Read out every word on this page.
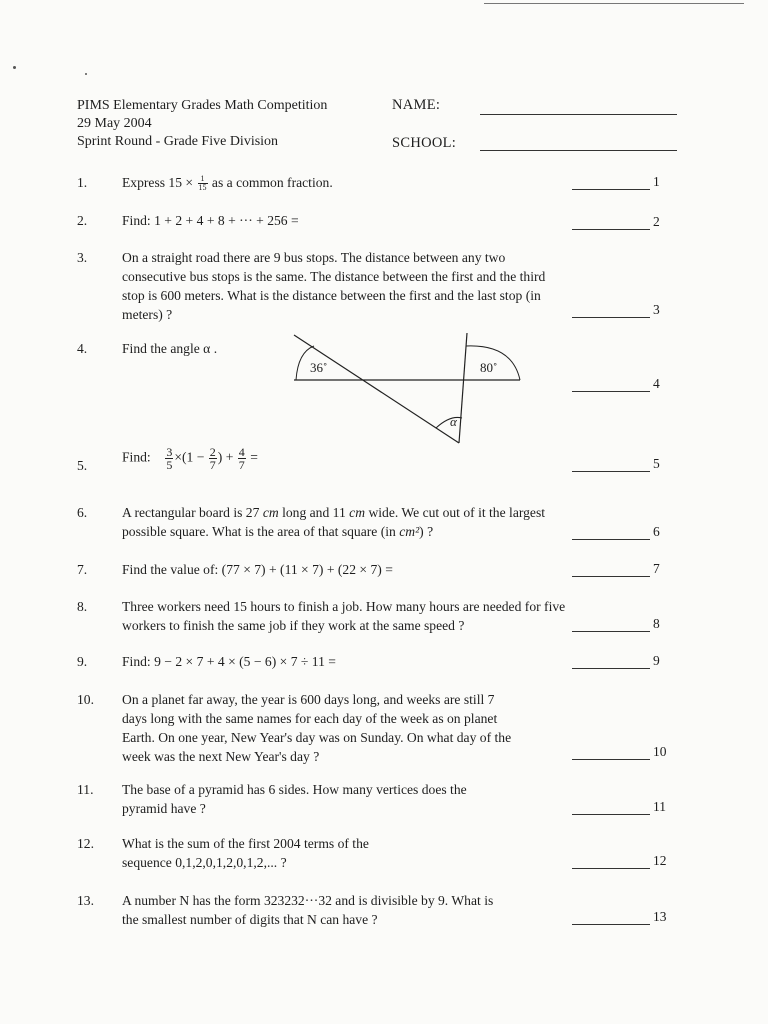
PIMS Elementary Grades Math Competition
29 May 2004
Sprint Round - Grade Five Division
NAME:
SCHOOL:
1.	Express $15 \times \frac{1}{15}$ as a common fraction.	1
2.	Find: 1 + 2 + 4 + 8 + ··· + 256 =	2
3.	On a straight road there are 9 bus stops. The distance between any two consecutive bus stops is the same. The distance between the first and the third stop is 600 meters. What is the distance between the first and the last stop (in meters) ?	3
4.	Find the angle α .
36˚	80˚
α
4
5.
Find: $\frac{3}{5} \times(1 - \frac{2}{7}$ ) + $\frac{4}{7}$ =	5
6.	A rectangular board is 27 cm long and 11 cm wide. We cut out of it the largest possible square. What is the area of that square (in cm²) ?	6
7.	Find the value of: (77 × 7) + (11 × 7) + (22 × 7) =	7
8.	Three workers need 15 hours to finish a job. How many hours are needed for five workers to finish the same job if they work at the same speed ?	8
9.	Find: 9 − 2 × 7 + 4 × (5 − 6) × 7 ÷ 11 =	9
10.	On a planet far away, the year is 600 days long, and weeks are still 7 days long with the same names for each day of the week as on planet Earth. On one year, New Year's day was on Sunday. On what day of the week was the next New Year's day ?	10
11.	The base of a pyramid has 6 sides. How many vertices does the pyramid have ?	11
12.	What is the sum of the first 2004 terms of the sequence 0,1,2,0,1,2,0,1,2,... ?	12
13.	A number N has the form 323232···32 and is divisible by 9. What is the smallest number of digits that N can have ?	13
